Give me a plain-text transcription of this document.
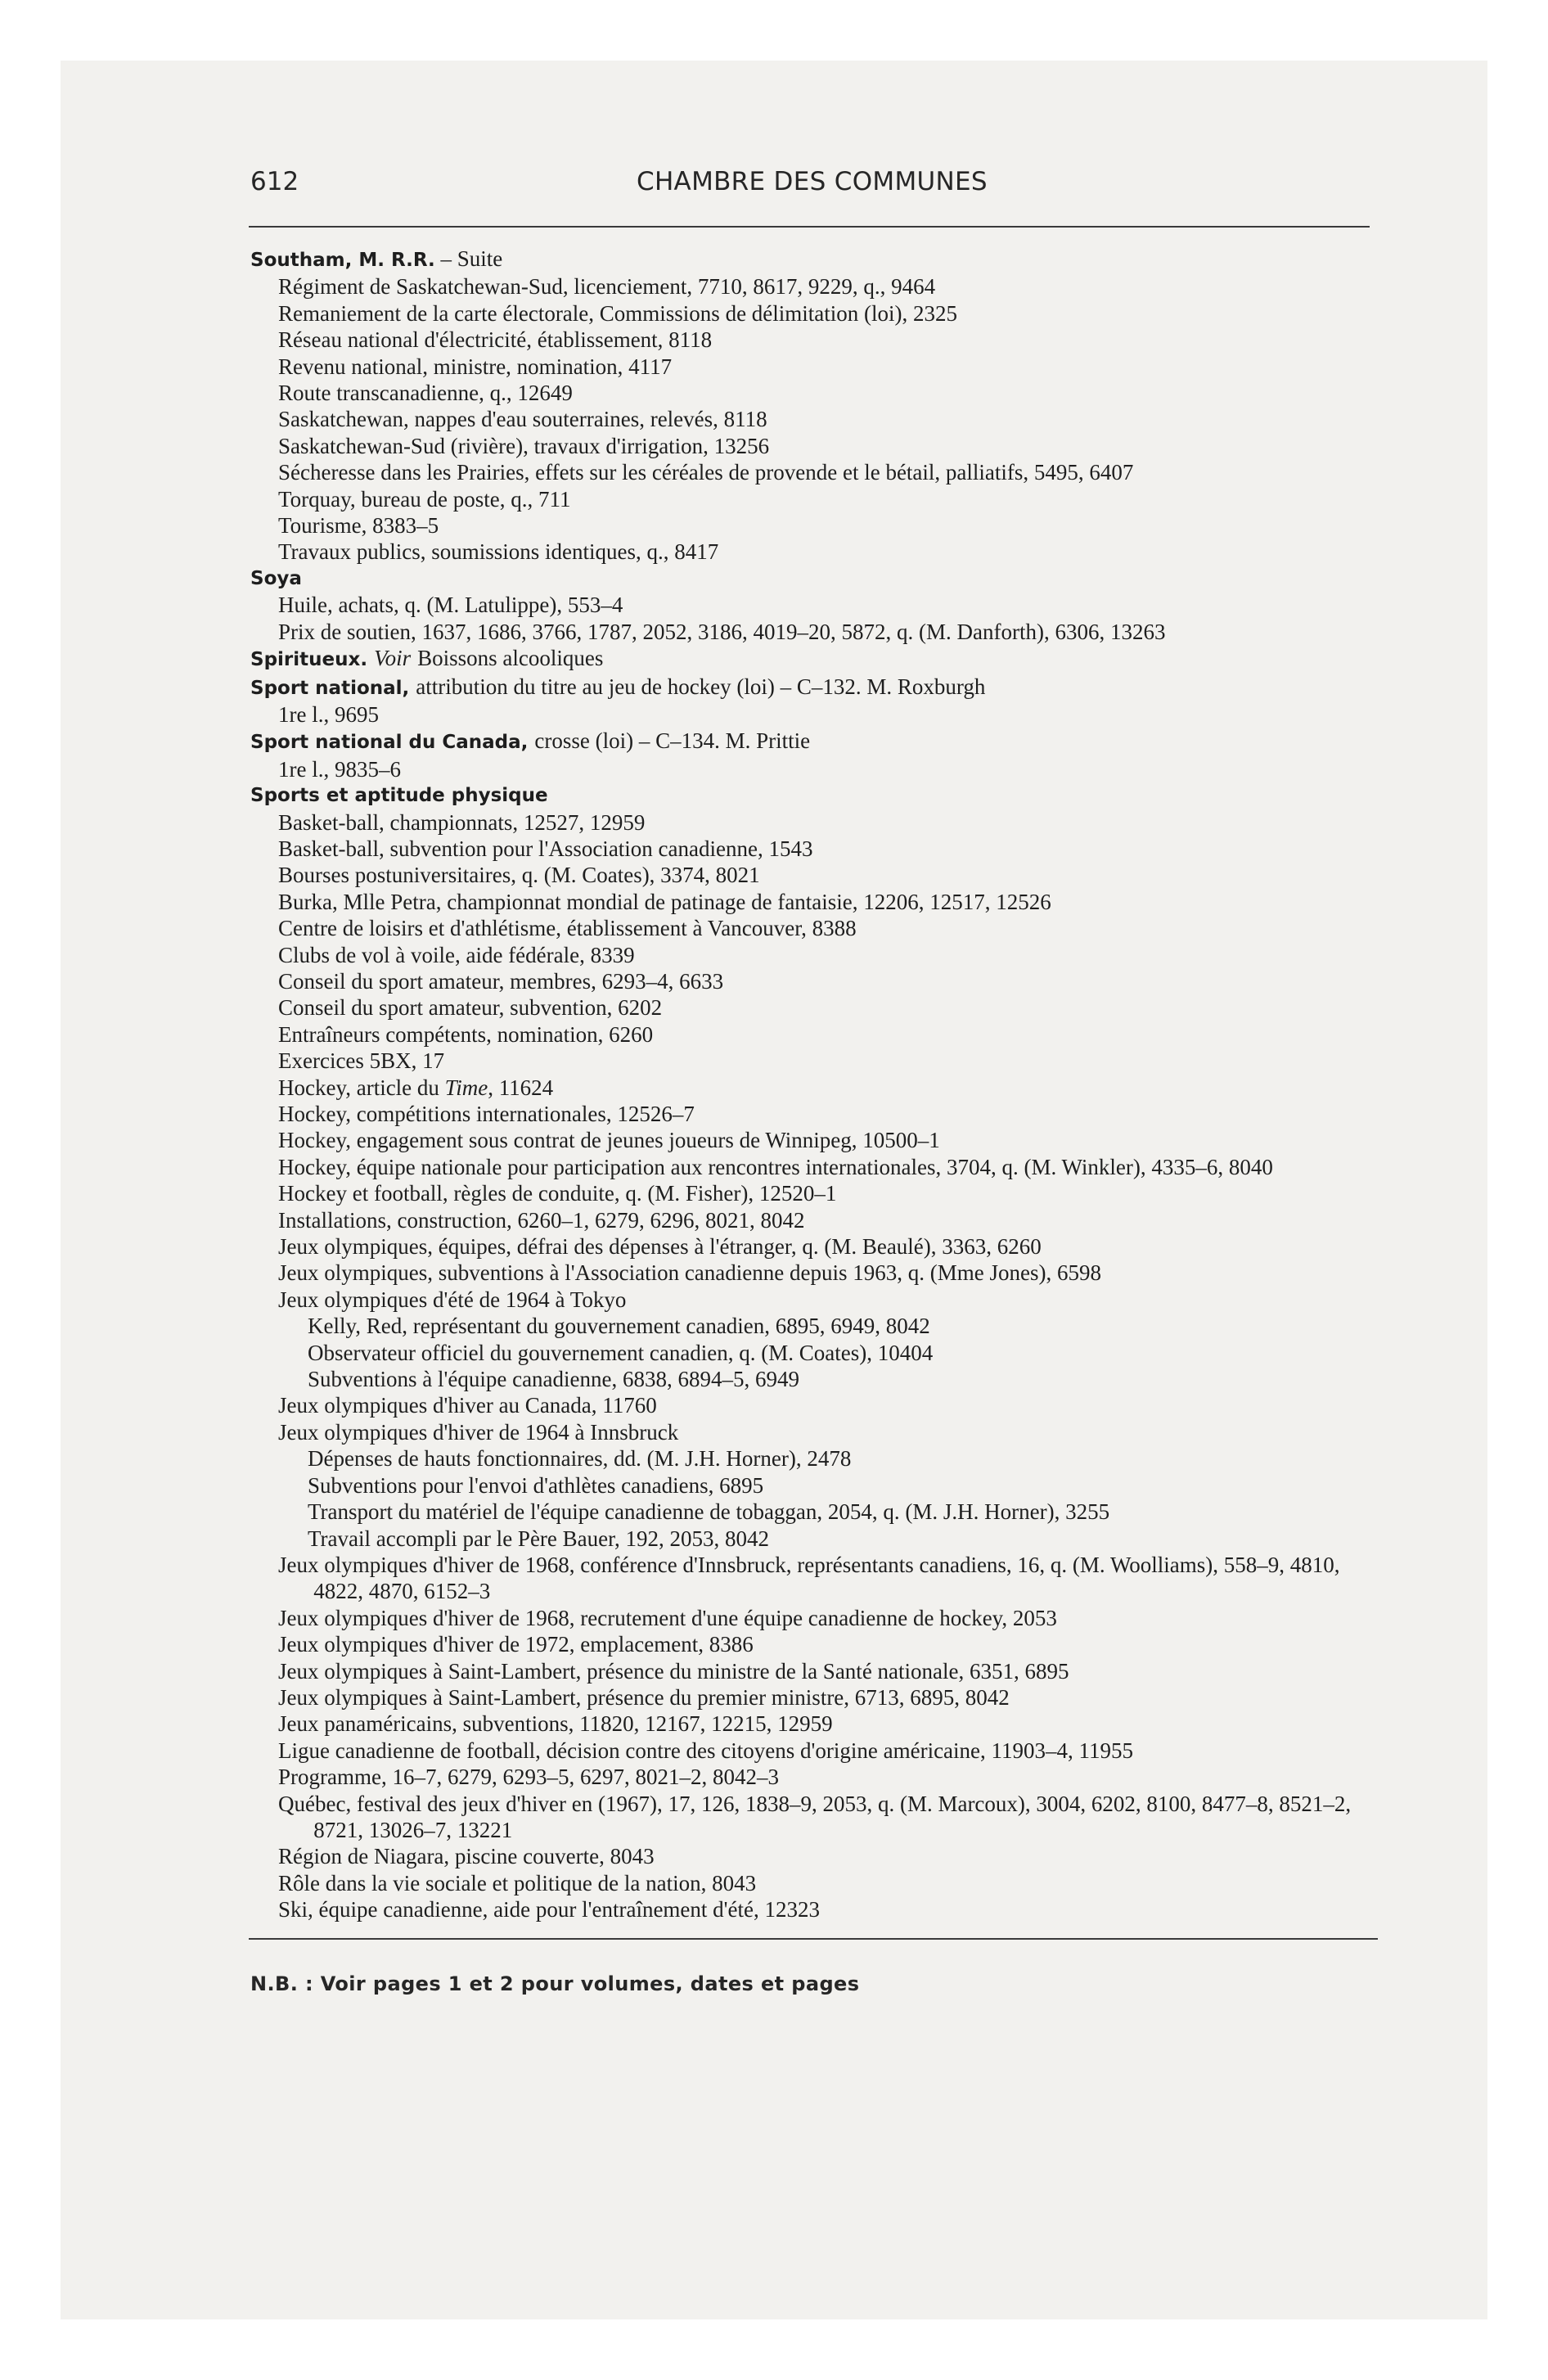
612	CHAMBRE DES COMMUNES

Southam, M. R.R. – Suite

Régiment de Saskatchewan-Sud, licenciement, 7710, 8617, 9229, q., 9464

Remaniement de la carte électorale, Commissions de délimitation (loi), 2325

Réseau national d'électricité, établissement, 8118

Revenu national, ministre, nomination, 4117

Route transcanadienne, q., 12649

Saskatchewan, nappes d'eau souterraines, relevés, 8118

Saskatchewan-Sud (rivière), travaux d'irrigation, 13256

Sécheresse dans les Prairies, effets sur les céréales de provende et le bétail, palliatifs, 5495, 6407

Torquay, bureau de poste, q., 711

Tourisme, 8383–5

Travaux publics, soumissions identiques, q., 8417

Soya

Huile, achats, q. (M. Latulippe), 553–4

Prix de soutien, 1637, 1686, 3766, 1787, 2052, 3186, 4019–20, 5872, q. (M. Danforth), 6306, 13263

Spiritueux. Voir Boissons alcooliques

Sport national, attribution du titre au jeu de hockey (loi) – C–132. M. Roxburgh

1re l., 9695

Sport national du Canada, crosse (loi) – C–134. M. Prittie

1re l., 9835–6

Sports et aptitude physique

Basket-ball, championnats, 12527, 12959

Basket-ball, subvention pour l'Association canadienne, 1543

Bourses postuniversitaires, q. (M. Coates), 3374, 8021

Burka, Mlle Petra, championnat mondial de patinage de fantaisie, 12206, 12517, 12526

Centre de loisirs et d'athlétisme, établissement à Vancouver, 8388

Clubs de vol à voile, aide fédérale, 8339

Conseil du sport amateur, membres, 6293–4, 6633

Conseil du sport amateur, subvention, 6202

Entraîneurs compétents, nomination, 6260

Exercices 5BX, 17

Hockey, article du Time, 11624

Hockey, compétitions internationales, 12526–7

Hockey, engagement sous contrat de jeunes joueurs de Winnipeg, 10500–1

Hockey, équipe nationale pour participation aux rencontres internationales, 3704, q. (M. Winkler), 4335–6, 8040

Hockey et football, règles de conduite, q. (M. Fisher), 12520–1

Installations, construction, 6260–1, 6279, 6296, 8021, 8042

Jeux olympiques, équipes, défrai des dépenses à l'étranger, q. (M. Beaulé), 3363, 6260

Jeux olympiques, subventions à l'Association canadienne depuis 1963, q. (Mme Jones), 6598

Jeux olympiques d'été de 1964 à Tokyo

Kelly, Red, représentant du gouvernement canadien, 6895, 6949, 8042

Observateur officiel du gouvernement canadien, q. (M. Coates), 10404

Subventions à l'équipe canadienne, 6838, 6894–5, 6949

Jeux olympiques d'hiver au Canada, 11760

Jeux olympiques d'hiver de 1964 à Innsbruck

Dépenses de hauts fonctionnaires, dd. (M. J.H. Horner), 2478

Subventions pour l'envoi d'athlètes canadiens, 6895

Transport du matériel de l'équipe canadienne de tobaggan, 2054, q. (M. J.H. Horner), 3255

Travail accompli par le Père Bauer, 192, 2053, 8042

Jeux olympiques d'hiver de 1968, conférence d'Innsbruck, représentants canadiens, 16, q. (M. Woolliams), 558–9, 4810, 4822, 4870, 6152–3

Jeux olympiques d'hiver de 1968, recrutement d'une équipe canadienne de hockey, 2053

Jeux olympiques d'hiver de 1972, emplacement, 8386

Jeux olympiques à Saint-Lambert, présence du ministre de la Santé nationale, 6351, 6895

Jeux olympiques à Saint-Lambert, présence du premier ministre, 6713, 6895, 8042

Jeux panaméricains, subventions, 11820, 12167, 12215, 12959

Ligue canadienne de football, décision contre des citoyens d'origine américaine, 11903–4, 11955

Programme, 16–7, 6279, 6293–5, 6297, 8021–2, 8042–3

Québec, festival des jeux d'hiver en (1967), 17, 126, 1838–9, 2053, q. (M. Marcoux), 3004, 6202, 8100, 8477–8, 8521–2, 8721, 13026–7, 13221

Région de Niagara, piscine couverte, 8043

Rôle dans la vie sociale et politique de la nation, 8043

Ski, équipe canadienne, aide pour l'entraînement d'été, 12323

N.B. : Voir pages 1 et 2 pour volumes, dates et pages
